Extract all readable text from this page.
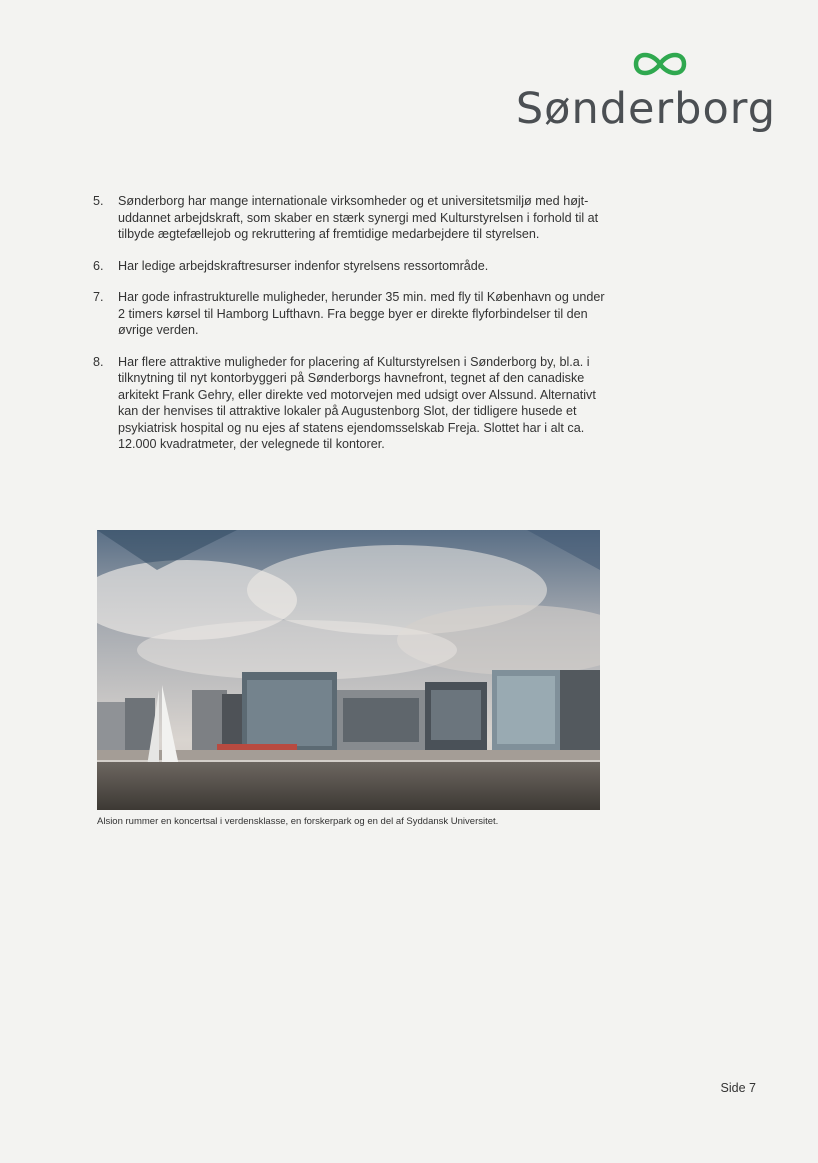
Sønderborg
5. Sønderborg har mange internationale virksomheder og et universitetsmiljø med højt-uddannet arbejdskraft, som skaber en stærk synergi med Kulturstyrelsen i forhold til at tilbyde ægtefællejob og rekruttering af fremtidige medarbejdere til styrelsen.
6. Har ledige arbejdskraftresurser indenfor styrelsens ressortområde.
7. Har gode infrastrukturelle muligheder, herunder 35 min. med fly til København og under 2 timers kørsel til Hamborg Lufthavn. Fra begge byer er direkte flyforbindelser til den øvrige verden.
8. Har flere attraktive muligheder for placering af Kulturstyrelsen i Sønderborg by, bl.a. i tilknytning til nyt kontorbyggeri på Sønderborgs havnefront, tegnet af den canadiske arkitekt Frank Gehry, eller direkte ved motorvejen med udsigt over Alssund. Alternativt kan der henvises til attraktive lokaler på Augustenborg Slot, der tidligere husede et psykiatrisk hospital og nu ejes af statens ejendomsselskab Freja. Slottet har i alt ca. 12.000 kvadratmeter, der velegnede til kontorer.
Alsion rummer en koncertsal i verdensklasse, en forskerpark og en del af Syddansk Universitet.
Side 7
